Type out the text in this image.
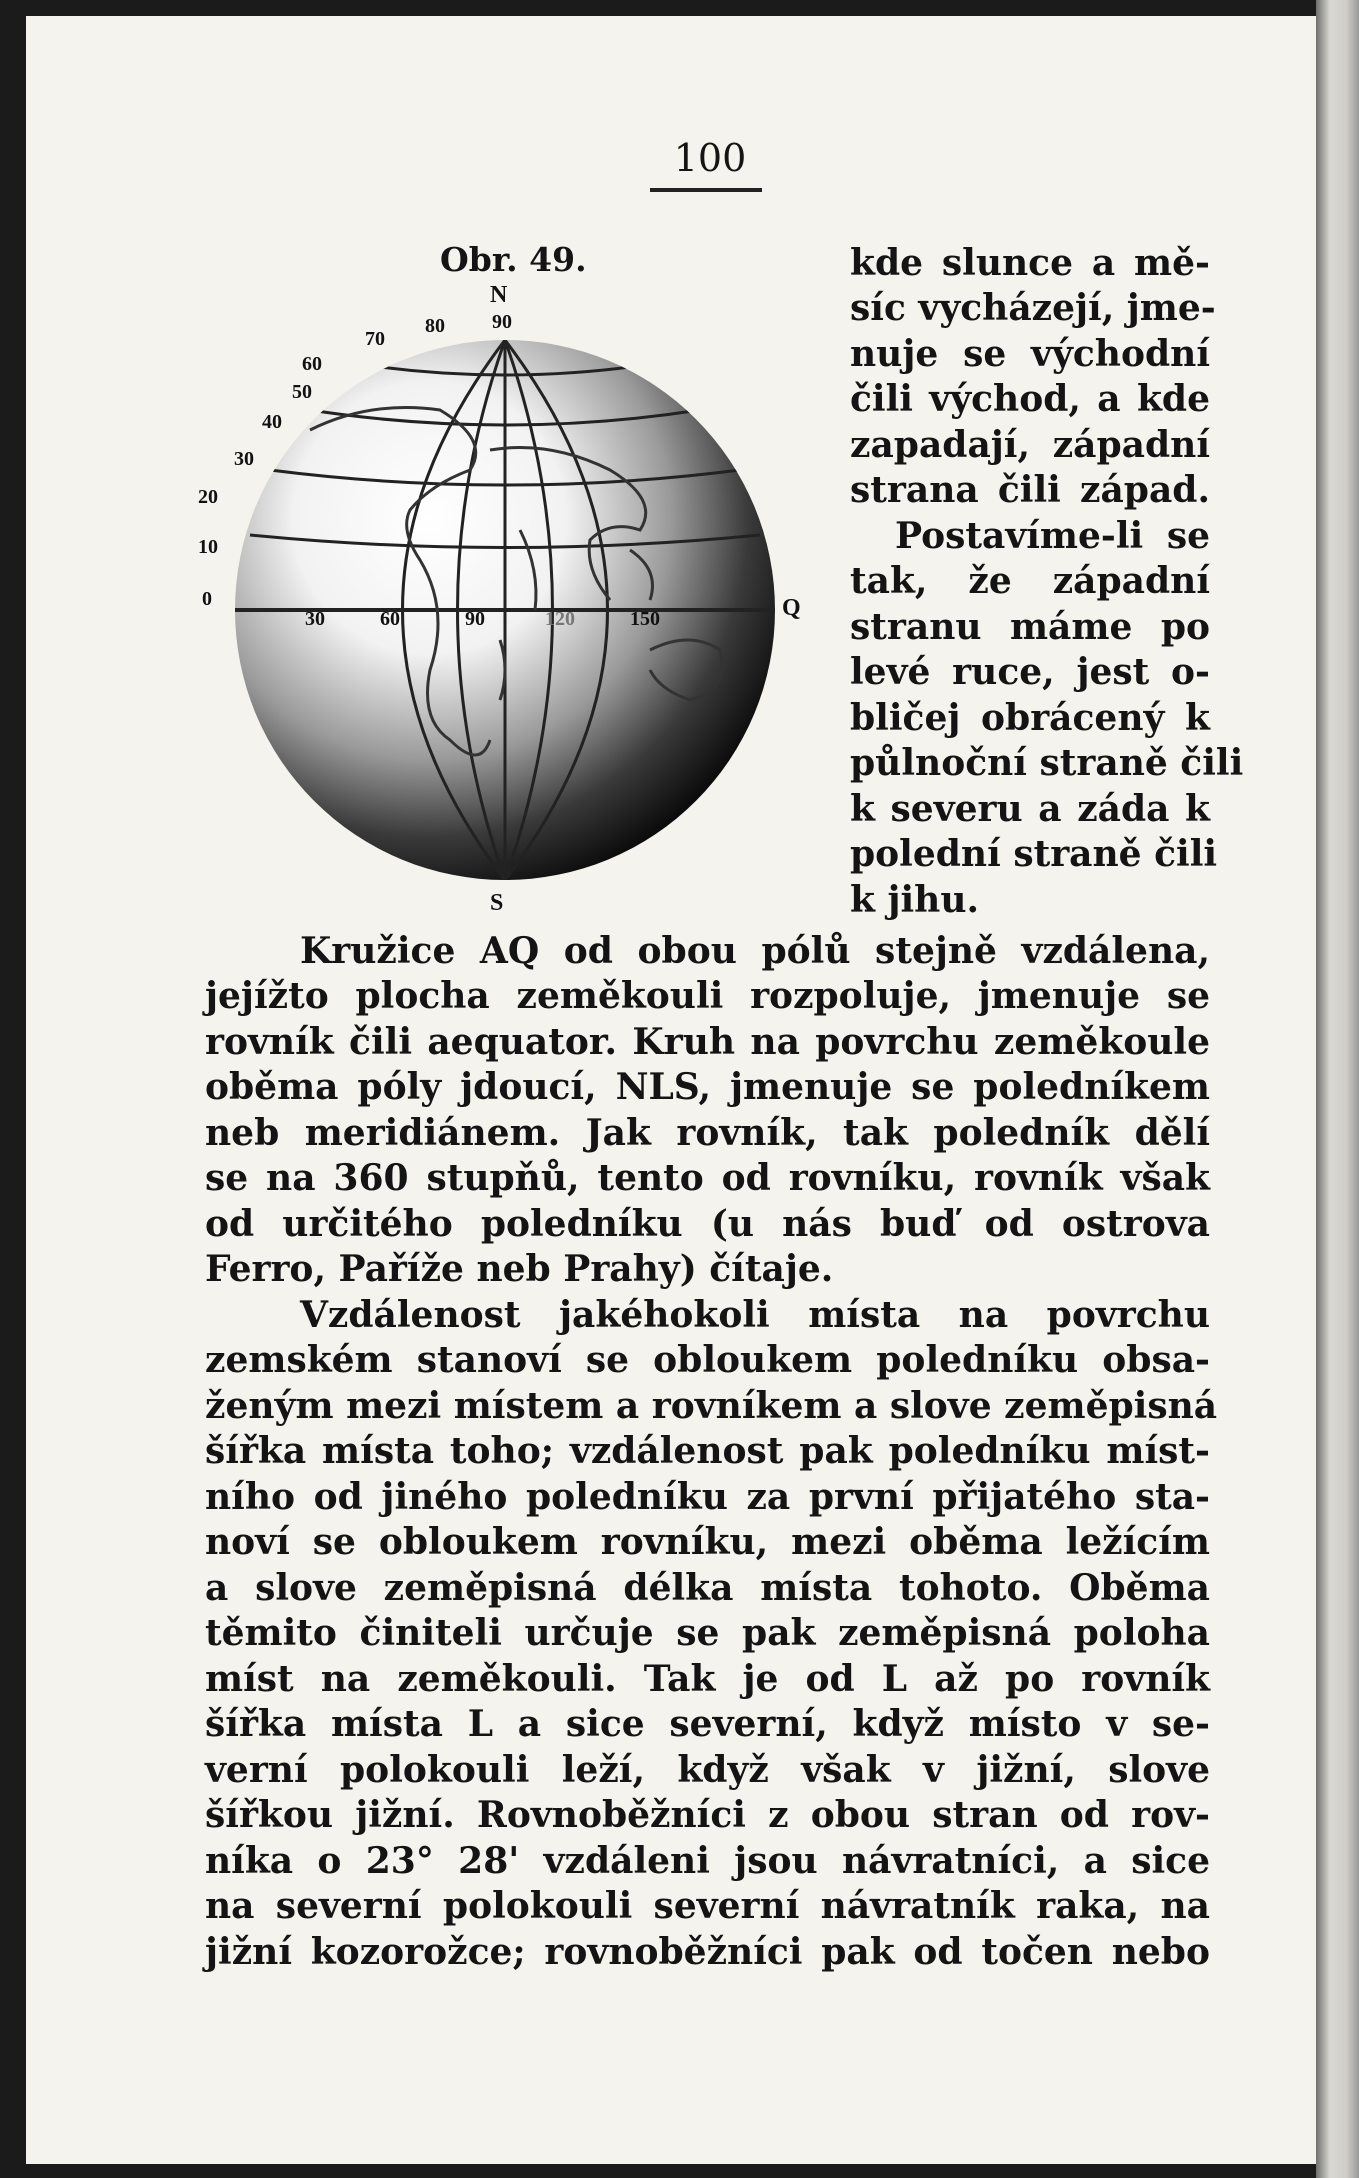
100
Obr. 49.
N
S
Q
90
80
70
60
50
40
30
20
10
0
30	60	90	120	150
kde slunce a mě-
síc vycházejí, jme-
nuje se východní
čili východ, a kde
zapadají, západní
strana čili západ.
Postavíme-li se
tak, že západní
stranu máme po
levé ruce, jest o-
bličej obrácený k
půlnoční straně čili
k severu a záda k
polední straně čili
k jihu.
Kružice AQ od obou pólů stejně vzdálena,
jejížto plocha zeměkouli rozpoluje, jmenuje se
rovník čili aequator. Kruh na povrchu zeměkoule
oběma póly jdoucí, NLS, jmenuje se poledníkem
neb meridiánem. Jak rovník, tak poledník dělí
se na 360 stupňů, tento od rovníku, rovník však
od určitého poledníku (u nás buď od ostrova
Ferro, Paříže neb Prahy) čítaje.
Vzdálenost jakéhokoli místa na povrchu
zemském stanoví se obloukem poledníku obsa-
ženým mezi místem a rovníkem a slove zeměpisná
šířka místa toho; vzdálenost pak poledníku míst-
ního od jiného poledníku za první přijatého sta-
noví se obloukem rovníku, mezi oběma ležícím
a slove zeměpisná délka místa tohoto. Oběma
těmito činiteli určuje se pak zeměpisná poloha
míst na zeměkouli. Tak je od L až po rovník
šířka místa L a sice severní, když místo v se-
verní polokouli leží, když však v jižní, slove
šířkou jižní. Rovnoběžníci z obou stran od rov-
níka o 23° 28' vzdáleni jsou návratníci, a sice
na severní polokouli severní návratník raka, na
jižní kozorožce; rovnoběžníci pak od točen nebo
